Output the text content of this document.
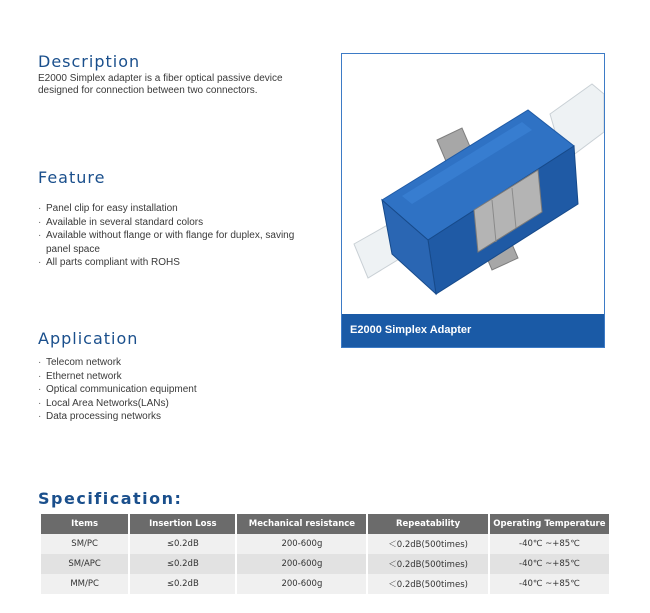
Description

E2000 Simplex adapter is a fiber optical passive device designed for connection between two connectors.

Feature
· Panel clip for easy installation
· Available in several standard colors
· Available without flange or with flange for duplex, saving panel space
· All parts compliant with ROHS
Application
· Telecom network
· Ethernet network
· Optical communication equipment
· Local Area Networks(LANs)
· Data processing networks
E2000 Simplex Adapter
Specification:
Items	Insertion Loss	Mechanical resistance	Repeatability	Operating Temperature
SM/PC	≤0.2dB	200-600g	＜0.2dB(500times)	-40℃ ~+85℃
SM/APC	≤0.2dB	200-600g	＜0.2dB(500times)	-40℃ ~+85℃
MM/PC	≤0.2dB	200-600g	＜0.2dB(500times)	-40℃ ~+85℃
